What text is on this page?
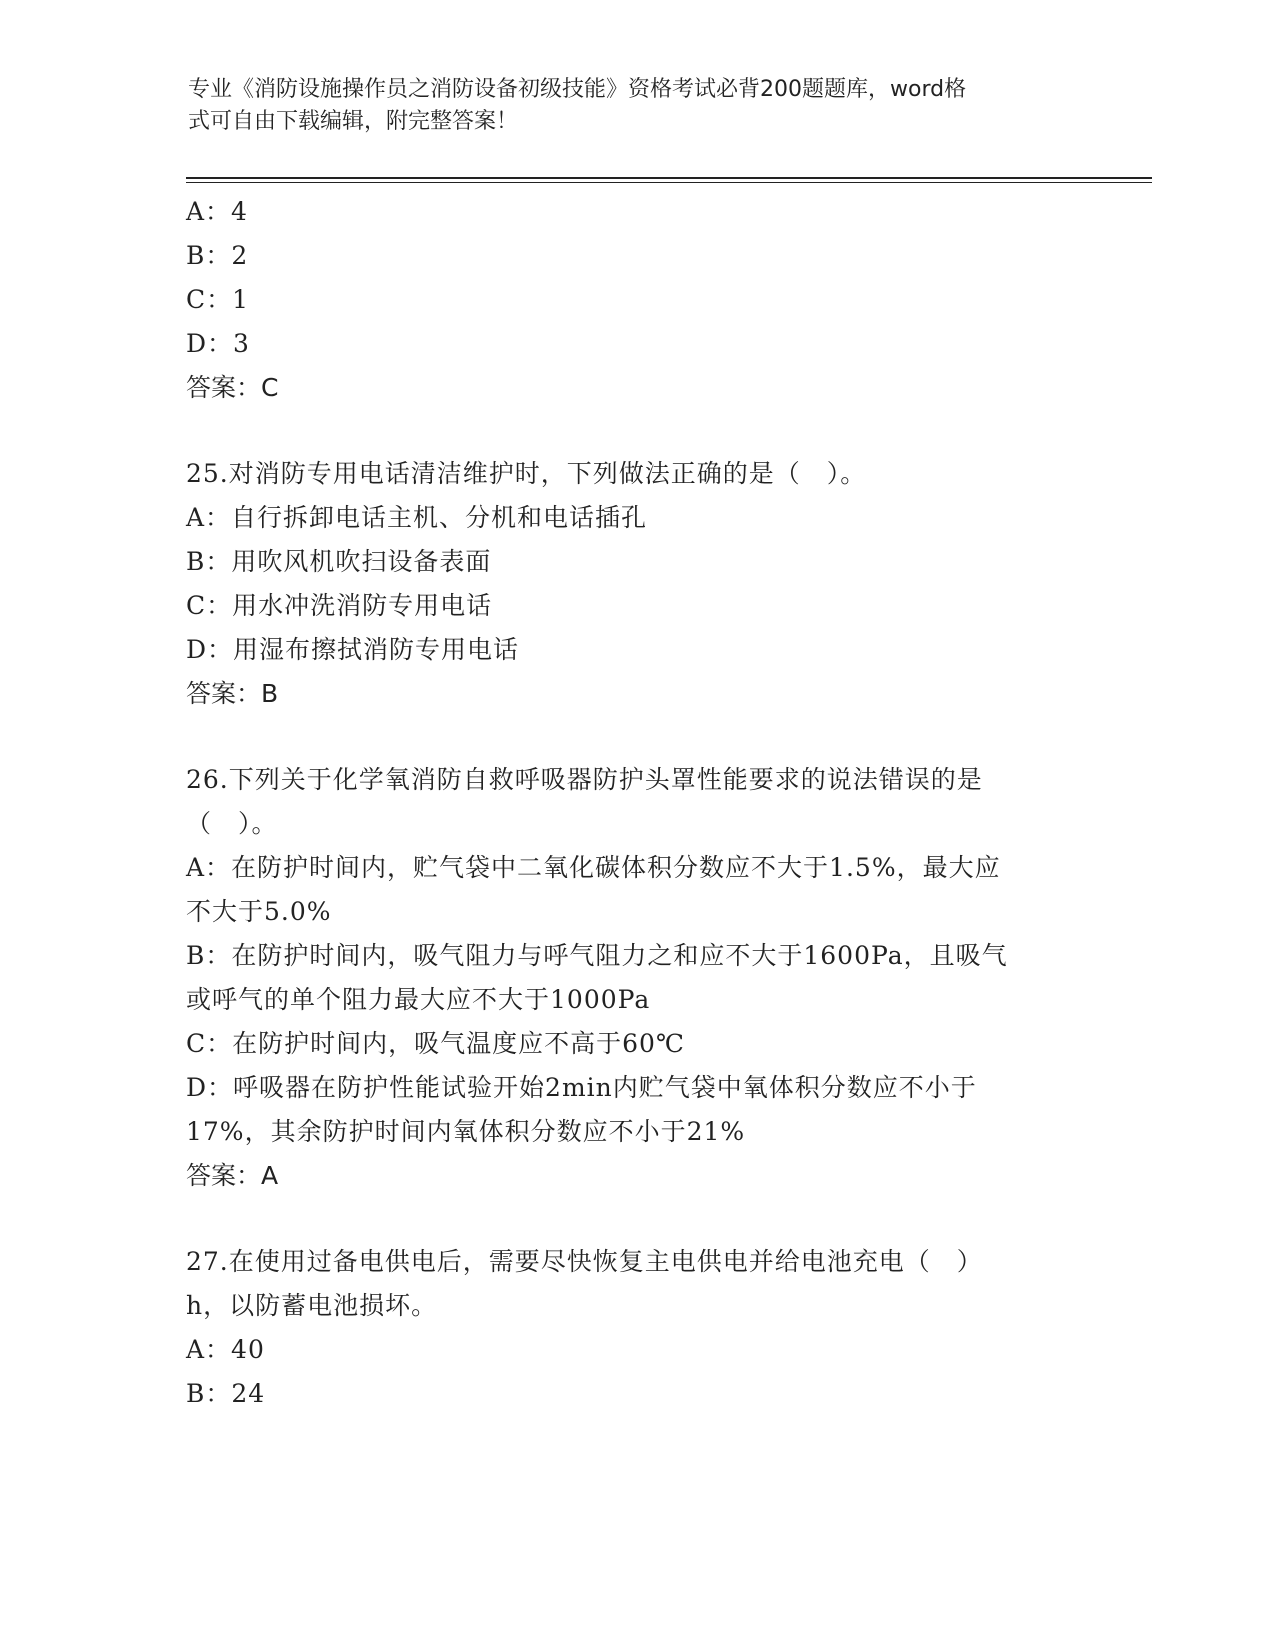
专业《消防设施操作员之消防设备初级技能》资格考试必背200题题库，word格
式可自由下载编辑，附完整答案！
A：4
B：2
C：1
D：3
答案：C
25.对消防专用电话清洁维护时，下列做法正确的是（　）。
A：自行拆卸电话主机、分机和电话插孔
B：用吹风机吹扫设备表面
C：用水冲洗消防专用电话
D：用湿布擦拭消防专用电话
答案：B
26.下列关于化学氧消防自救呼吸器防护头罩性能要求的说法错误的是
（　）。
A：在防护时间内，贮气袋中二氧化碳体积分数应不大于1.5%，最大应
不大于5.0%
B：在防护时间内，吸气阻力与呼气阻力之和应不大于1600Pa，且吸气
或呼气的单个阻力最大应不大于1000Pa
C：在防护时间内，吸气温度应不高于60℃
D：呼吸器在防护性能试验开始2min内贮气袋中氧体积分数应不小于
17%，其余防护时间内氧体积分数应不小于21%
答案：A
27.在使用过备电供电后，需要尽快恢复主电供电并给电池充电（　）
h，以防蓄电池损坏。
A：40
B：24
